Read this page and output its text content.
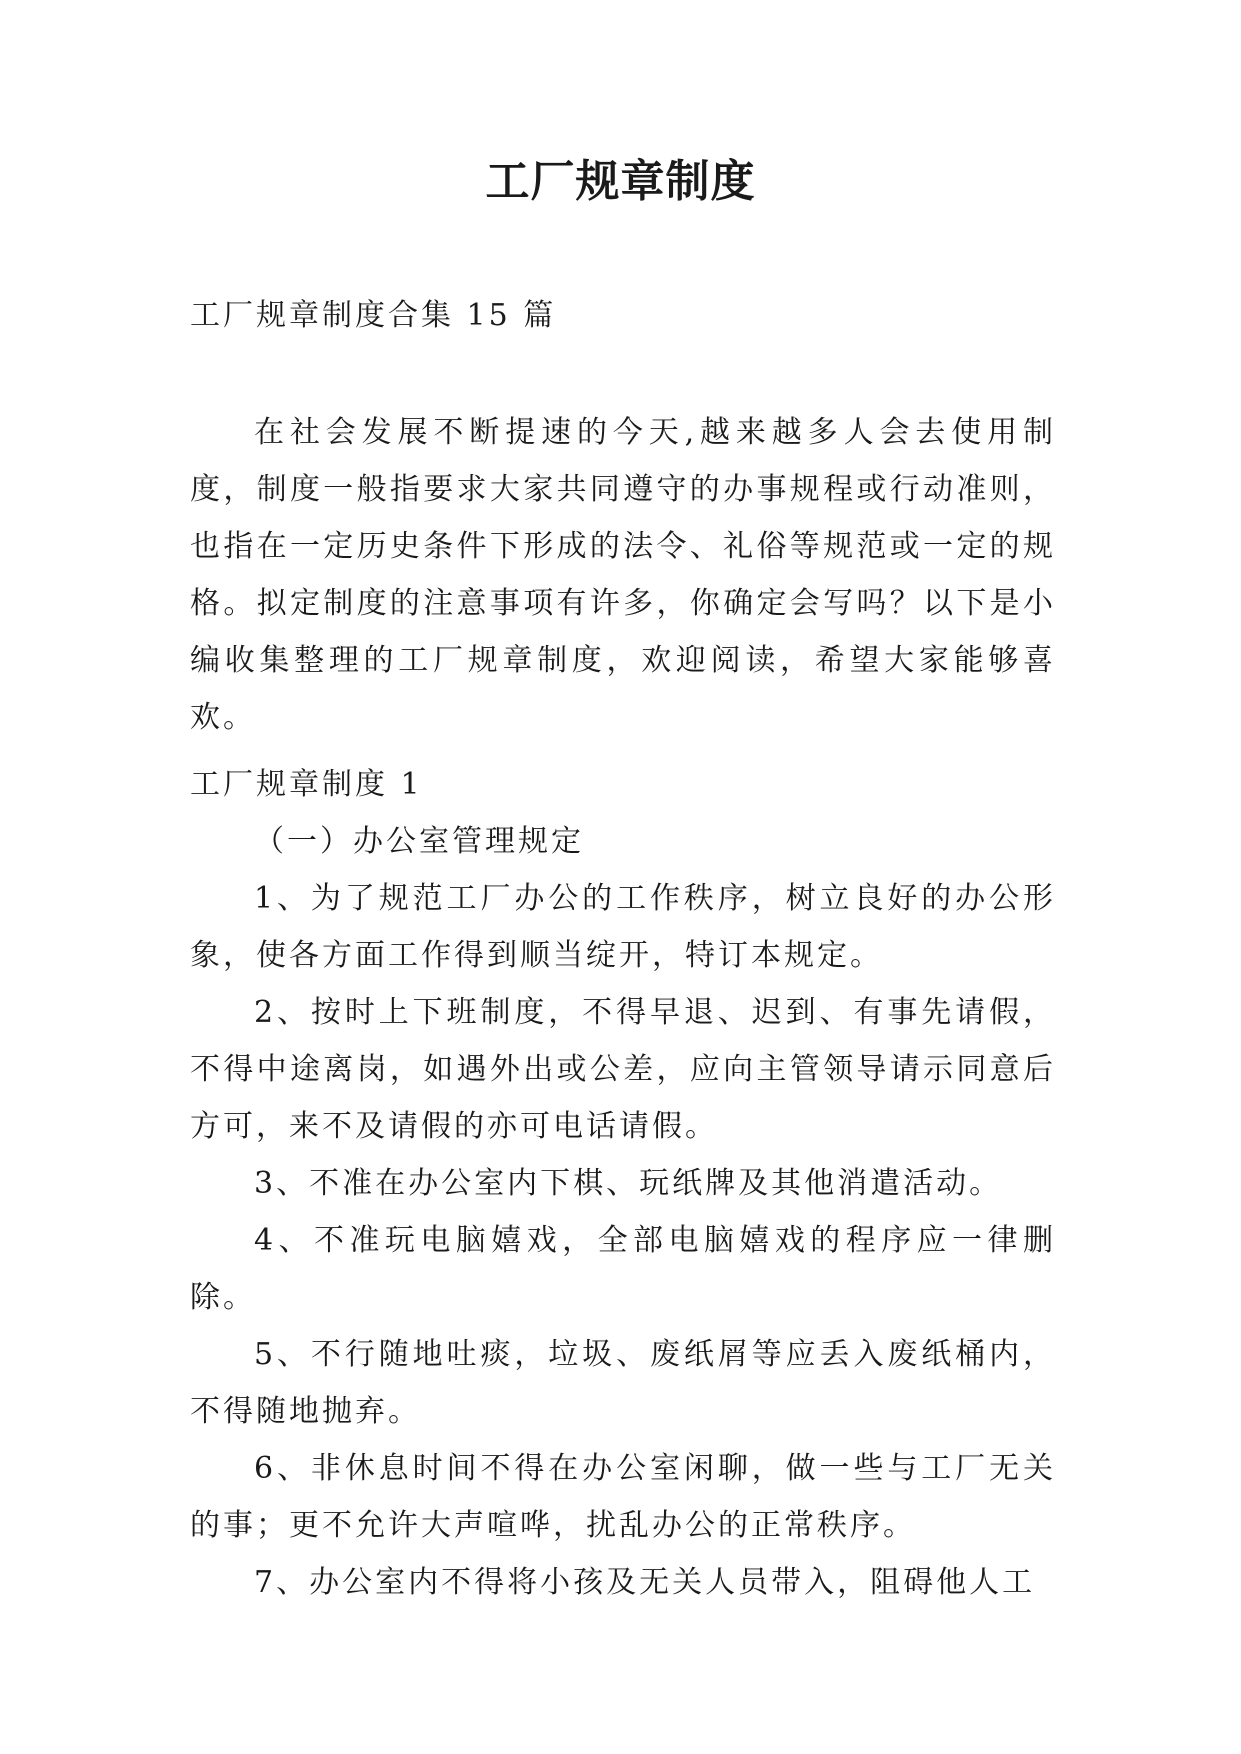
工厂规章制度
工厂规章制度合集 15 篇

在社会发展不断提速的今天,越来越多人会去使用制度，制度一般指要求大家共同遵守的办事规程或行动准则，也指在一定历史条件下形成的法令、礼俗等规范或一定的规格。拟定制度的注意事项有许多，你确定会写吗？以下是小编收集整理的工厂规章制度，欢迎阅读，希望大家能够喜欢。

工厂规章制度 1

（一）办公室管理规定

1、为了规范工厂办公的工作秩序，树立良好的办公形象，使各方面工作得到顺当绽开，特订本规定。

2、按时上下班制度，不得早退、迟到、有事先请假，不得中途离岗，如遇外出或公差，应向主管领导请示同意后方可，来不及请假的亦可电话请假。

3、不准在办公室内下棋、玩纸牌及其他消遣活动。

4、不准玩电脑嬉戏，全部电脑嬉戏的程序应一律删除。

5、不行随地吐痰，垃圾、废纸屑等应丢入废纸桶内，不得随地抛弃。

6、非休息时间不得在办公室闲聊，做一些与工厂无关的事；更不允许大声喧哗，扰乱办公的正常秩序。

7、办公室内不得将小孩及无关人员带入，阻碍他人工
